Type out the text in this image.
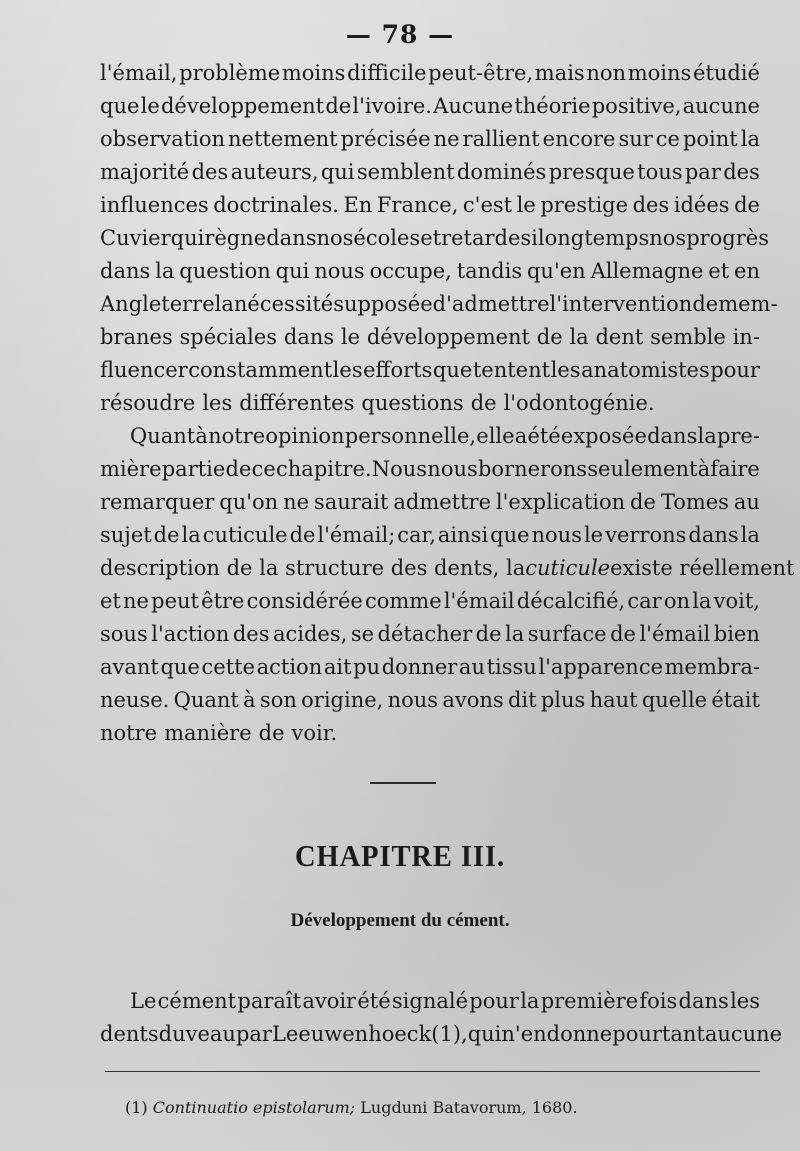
— 78 —
l'émail, problème moins difficile peut-être, mais non moins étudié
que le développement de l'ivoire. Aucune théorie positive, aucune
observation nettement précisée ne rallient encore sur ce point la
majorité des auteurs, qui semblent dominés presque tous par des
influences doctrinales. En France, c'est le prestige des idées de
Cuvier qui règne dans nos écoles et retarde si longtemps nos progrès
dans la question qui nous occupe, tandis qu'en Allemagne et en
Angleterre la nécessité supposée d'admettre l'intervention de mem-
branes spéciales dans le développement de la dent semble in-
fluencer constamment les efforts que tentent les anatomistes pour
résoudre les différentes questions de l'odontogénie.
Quant à notre opinion personnelle, elle a été exposée dans la pre-
mière partie de ce chapitre. Nous nous bornerons seulement à faire
remarquer qu'on ne saurait admettre l'explication de Tomes au
sujet de la cuticule de l'émail; car, ainsi que nous le verrons dans la
description de la structure des dents, la cuticule existe réellement
et ne peut être considérée comme l'émail décalcifié, car on la voit,
sous l'action des acides, se détacher de la surface de l'émail bien
avant que cette action ait pu donner au tissu l'apparence membra-
neuse. Quant à son origine, nous avons dit plus haut quelle était
notre manière de voir.
CHAPITRE III.
Développement du cément.
Le cément paraît avoir été signalé pour la première fois dans les
dents du veau par Leeuwenhoeck (1), qui n'en donne pourtant aucune
(1) Continuatio epistolarum; Lugduni Batavorum, 1680.
